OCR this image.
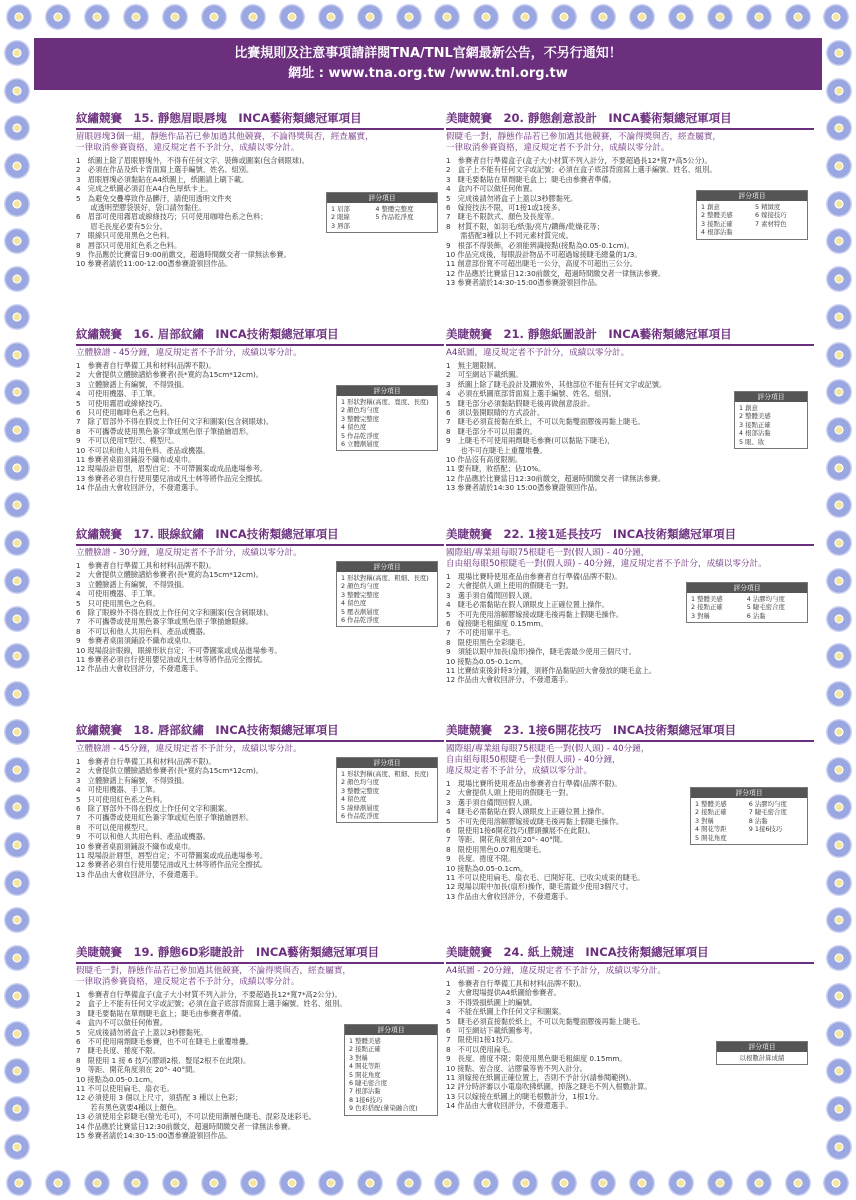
比賽規則及注意事項請詳閱TNA/TNL官網最新公告，不另行通知！
網址 : www.tna.org.tw /www.tnl.org.tw
紋繡競賽　15. 靜態眉眼唇塊　INCA藝術類總冠軍項目
眉眼唇塊3個一組，靜態作品若已參加過其他競賽，不論得獎與否，經查屬實，
一律取消參賽資格，違反規定者不予計分，成績以零分計。
1　紙圖上除了眉眼唇塊外，不得有任何文字、裝飾或圖案(包含刺眼球)。
2　必須在作品及紙卡背面寫上選手編號、姓名、組別。
3　眉眼唇塊必須黏貼在A4紙圖上，紙圖請上刷下載。
4　完成之紙圖必須訂在A4白色厚紙卡上。
5　為避免交疊導致作品髒汙，請使用透明文件夾
　　或透明塑膠袋裝好，袋口請勿黏住。
6　眉部可使用霧眉或線條技巧；只可使用咖啡色系之色料；
　　眉毛長度必要有5公分。
7　眼線只可使用黑色之色料。
8　唇部只可使用紅色系之色料。
9　作品應於比賽當日9:00前繳交，超過時間繳交者一律無法參賽。
10 參賽者請於11:00-12:00憑參賽證領回作品。
評分項目
1 眉部	4 整體完整度
2 眼線	5 作品乾淨度
3 唇部
美睫競賽　20. 靜態創意設計　INCA藝術類總冠軍項目
假睫毛一對，靜態作品若已參加過其他競賽，不論得獎與否，經查屬實，
一律取消參賽資格，違反規定者不予計分，成績以零分計。
1　參賽者自行準備盒子(盒子大小材質不列入計分，不要超過長12*寬7*高5公分)。
2　盒子上不能有任何文字或記號；必須在盒子底部背面寫上選手編號、姓名、組別。
3　睫毛要黏貼在單劑睫毛盒上；睫毛由參賽者準備。
4　盒內不可以做任何佈置。
5　完成後請勿將盒子上蓋以3秒膠黏死。
6　嫁接技法不限，可1接1或1接多。
7　睫毛不限款式、顏色及長度等。
8　材質不限，如羽毛/紙張/亮片/鑽飾/乾燥花等；
　　需搭配3種以上不同元素材質完成。
9　根部不得裝飾，必須能辨識接點(接點為0.05-0.1cm)。
10 作品完成後，每眼設計物品不可超過嫁接睫毛總量的1/3。
11 創意部份寬不可超出睫毛一公分，高度不可超出三公分。
12 作品應於比賽當日12:30前繳交，超過時間繳交者一律無法參賽。
13 參賽者請於14:30-15:00憑參賽證領回作品。
評分項目
1 創意	5 精緻度
2 整體美感	6 嫁接技巧
3 接點正確	7 素材特色
4 根部沾黏
紋繡競賽　16. 眉部紋繡　INCA技術類總冠軍項目
立體臉譜 - 45分鐘，違反規定者不予計分，成績以零分計。
1　參賽者自行準備工具和材料(品牌不限)。
2　大會提供立體臉譜給參賽者(長*寬約為15cm*12cm)。
3　立體臉譜上有編號，不得毀損。
4　可使用機器、手工筆。
5　可使用霧眉或線條技巧。
6　只可使用咖啡色系之色料。
7　除了眉部外不得在假皮上作任何文字和圖案(包含刺眼球)。
8　不可攜帶或使用黑色簽字筆或黑色原子筆描繪眉形。
9　不可以使用T型尺、模型尺。
10 不可以和他人共用色料、產品或機器。
11 參賽者桌面須鋪設不織布或桌巾。
12 現場設計眉型，眉型自定；不可帶圖案或成品進場參考。
13 參賽者必須自行使用嬰兒油或凡士林等將作品完全擦拭。
14 作品由大會收回評分，不發還選手。
評分項目
1 形狀對稱(高度、寬度、長度)
2 顏色均勻度
3 整體完整度
4 留色度
5 作品乾淨度
6 立體漸層度
美睫競賽　21. 靜態紙圖設計　INCA藝術類總冠軍項目
A4紙圖，違反規定者不予計分，成績以零分計。
1　無主題限制。
2　可至網站下載紙圖。
3　紙圖上除了睫毛設計及鑽妝外，其他部位不能有任何文字或記號。
4　必須在紙圖底部背面寫上選手編號、姓名、組別。
5　睫毛部分必須黏貼假睫毛後再做創意設計。
6　須以張開眼睛的方式設計。
7　睫毛必須直接黏在紙上，不可以先黏雙面膠後再黏上睫毛。
8　睫毛部分不可以用畫的。
9　上睫毛不可使用兩劑睫毛參賽(可以黏貼下睫毛)，
　　也不可在睫毛上重覆堆疊。
10 作品沒有高度限制。
11 要有睫，妝搭配；佔10%。
12 作品應於比賽當日12:30前繳交，超過時間繳交者一律無法參賽。
13 參賽者請於14:30 15:00憑參賽證領回作品。
評分項目
1 創意
2 整體美感
3 接點正確
4 根部沾黏
5 眼、妝
紋繡競賽　17. 眼線紋繡　INCA技術類總冠軍項目
立體臉譜 - 30分鐘，違反規定者不予計分，成績以零分計。
1　參賽者自行準備工具和材料(品牌不限)。
2　大會提供立體臉譜給參賽者(長*寬約為15cm*12cm)。
3　立體臉譜上有編號，不得毀損。
4　可使用機器、手工筆。
5　只可使用黑色之色料。
6　除了眼線外不得在假皮上作任何文字和圖案(包含刺眼球)。
7　不可攜帶或使用黑色簽字筆或黑色原子筆描繪眼線。
8　不可以和他人共用色料、產品或機器。
9　參賽者桌面須鋪設不織布或桌巾。
10 現場設計眼線，眼線形狀自定；不可帶圖案或成品進場參考。
11 參賽者必須自行使用嬰兒油或凡士林等將作品完全擦拭。
12 作品由大會收回評分，不發還選手。
評分項目
1 形狀對稱(高度、粗細、長度)
2 顏色均勻度
3 整體完整度
4 留色度
5 壓表漸層度
6 作品乾淨度
美睫競賽　22. 1接1延長技巧　INCA技術類總冠軍項目
國際組/專業組每眼75根睫毛一對(假人頭) - 40分鐘，
自由組每眼50根睫毛一對(假人頭) - 40分鐘，違反規定者不予計分，成績以零分計。
1　現場比賽時使用產品由參賽者自行準備(品牌不限)。
2　大會提供人頭上使用的假睫毛一對。
3　選手須自備問回假人頭。
4　睫毛必需黏貼在假人頭眼皮上正確位置上操作。
5　不可先使用溶解膠嫁接或睫毛後再黏上假睫毛操作。
6　嫁接睫毛粗細度 0.15mm。
7　不可使用單平毛。
8　限使用黑色全彩睫毛。
9　須能以眼中加長(扇形)操作，睫毛需最少使用三個尺寸。
10 接點為0.05-0.1cm。
11 比賽結束後針時3分鐘，須將作品黏貼回大會發放的睫毛盒上。
12 作品由大會收回評分，不發還選手。
評分項目
1 整體美感	4 沾膠均勻度
2 接點正確	5 睫毛密合度
3 對稱	6 沾黏
紋繡競賽　18. 唇部紋繡　INCA技術類總冠軍項目
立體臉譜 - 45分鐘，違反規定者不予計分，成績以零分計。
1　參賽者自行準備工具和材料(品牌不限)。
2　大會提供立體臉譜給參賽者(長*寬約為15cm*12cm)。
3　立體臉譜上有編號，不得毀損。
4　可使用機器、手工筆。
5　只可使用紅色系之色料。
6　除了唇部外不得在假皮上作任何文字和圖案。
7　不可攜帶或使用紅色簽字筆或紅色原子筆描繪唇形。
8　不可以使用模型尺。
9　不可以和他人共用色料、產品或機器。
10 參賽者桌面須鋪設不織布或桌巾。
11 現場設計唇型，唇型自定；不可帶圖案或成品進場參考。
12 參賽者必須自行使用嬰兒油或凡士林等將作品完全擦拭。
13 作品由大會收回評分，不發還選手。
評分項目
1 形狀對稱(高度、粗細、長度)
2 顏色均勻度
3 整體完整度
4 留色度
5 線條漸層度
6 作品乾淨度
美睫競賽　23. 1接6開花技巧　INCA技術類總冠軍項目
國際組/專業組每眼75根睫毛一對(假人頭) - 40分鐘，
自由組每眼50根睫毛一對(假人頭) - 40分鐘，
違反規定者不予計分，成績以零分計。
1　現場比賽所使用產品由參賽者自行準備(品牌不限)。
2　大會提供人頭上使用的假睫毛一對。
3　選手須自備問回假人頭。
4　睫毛必需黏貼在假人頭眼皮上正確位置上操作。
5　不可先使用溶解膠嫁接或睫毛後再黏上假睫毛操作。
6　限使用1接6開花技巧(膠頭擴展不在此限)。
7　等距、開花角度須在20°- 40°間。
8　限使用黑色0.07粗度睫毛。
9　長度、捲度不限。
10 接點為0.05-0.1cm。
11 不可以使用扁毛、扇衣毛、已開好花、已收尖成束的睫毛。
12 現場以眼中加長(扇形)操作，睫毛需最少使用3個尺寸。
13 作品由大會收回評分，不發還選手。
評分項目
1 整體美感	6 沾膠均勻度
2 接點正確	7 睫毛密合度
3 對稱	8 沾黏
4 開花等距	9 1接6技巧
5 開花角度
美睫競賽　19. 靜態6D彩睫設計　INCA藝術類總冠軍項目
假睫毛一對，靜態作品若已參加過其他競賽，不論得獎與否，經查屬實，
一律取消參賽資格，違反規定者不予計分，成績以零分計。
1　參賽者自行準備盒子(盒子大小材質不列入計分，不要超過長12*寬7*高2公分)。
2　盒子上不能有任何文字或記號；必須在盒子底部背面寫上選手編號、姓名、組別。
3　睫毛要黏貼在單劑睫毛盒上；睫毛由參賽者準備。
4　盒內不可以做任何佈置。
5　完成後請勿將盒子上蓋以3秒膠黏死。
6　不可使用兩劑睫毛參賽，也不可在睫毛上重覆堆疊。
7　睫毛長度、捲度不限。
8　限使用 1 接 6 技巧(膠頭2根、豎尾2根不在此限)。
9　等距、開花角度須在 20°- 40°間。
10 接點為0.05-0.1cm。
11 不可以使用扁毛、扇衣毛。
12 必須使用 3 個以上尺寸，須搭配 3 種以上色彩；
　　若有黑色就要4種以上顏色。
13 必須使用全彩睫毛(螢光毛可)，不可以使用漸層色睫毛、混彩及迷彩毛。
14 作品應於比賽當日12:30前繳交，超過時間繳交者一律無法參賽。
15 參賽者請於14:30-15:00憑參賽證領回作品。
評分項目
1 整體美感
2 接點正確
3 對稱
4 開花等距
5 開花角度
6 睫毛密合度
7 根部沾黏
8 1接6技巧
9 色彩搭配(暈染融合度)
美睫競賽　24. 紙上競速　INCA技術類總冠軍項目
A4紙圖 - 20分鐘，違反規定者不予計分，成績以零分計。
1　參賽者自行準備工具和材料(品牌不限)。
2　大會現場提供A4紙圖給參賽者。
3　不得毀損紙圖上的編號。
4　不能在紙圖上作任何文字和圖案。
5　睫毛必須直接黏於紙上，不可以先黏雙面膠後再黏上睫毛。
6　可至網站下載紙圖參考。
7　限使用1接1技巧。
8　不可以使用扁毛。
9　長度、捲度不限；限使用黑色睫毛粗細度 0.15mm。
10 接點、密合度、沾膠量等皆不列入計分。
11 須嫁接在紙圖正確位置上，否則不予計分(請參閱範例)。
12 評分時評審以小電扇吹拂紙圖，掉落之睫毛不列入根數計算。
13 只以嫁接在紙圖上的睫毛根數計分，1根1分。
14 作品由大會收回評分，不發還選手。
評分項目
以根數計算成績
